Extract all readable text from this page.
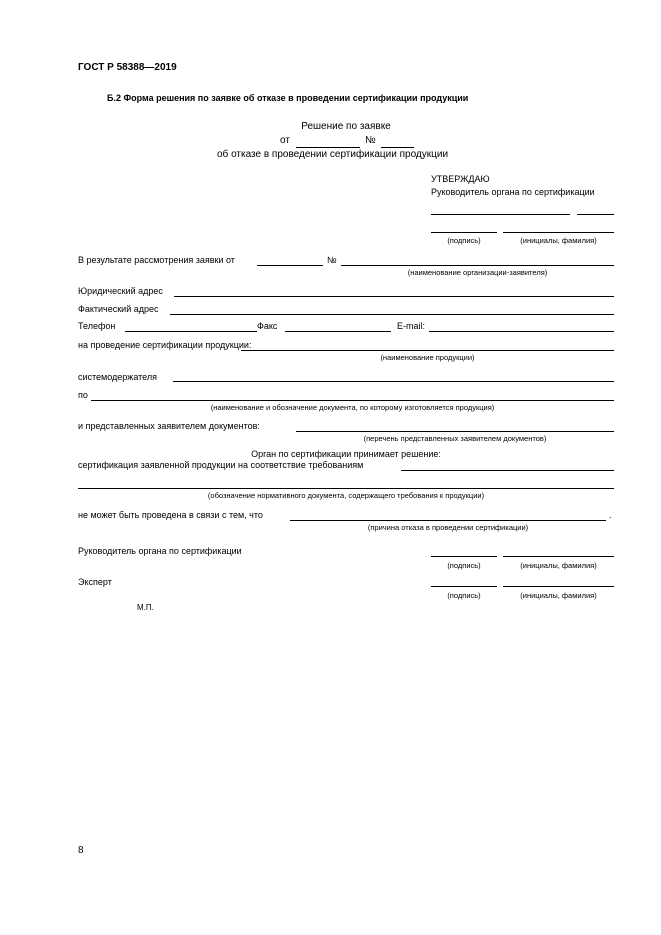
ГОСТ Р 58388—2019
Б.2 Форма решения по заявке об отказе в проведении сертификации продукции
Решение по заявке
от	№
об отказе в проведении сертификации продукции
УТВЕРЖДАЮ
Руководитель органа по сертификации
(подпись)	(инициалы, фамилия)
В результате рассмотрения заявки от	№
(наименование организации-заявителя)
Юридический адрес
Фактический адрес
Телефон	Факс	E-mail:
на проведение сертификации продукции:
(наименование продукции)
системодержателя
по
(наименование и обозначение документа, по которому изготовляется продукция)
и представленных заявителем документов:
(перечень представленных заявителем документов)
Орган по сертификации принимает решение:
сертификация заявленной продукции на соответствие требованиям
(обозначение нормативного документа, содержащего требования к продукции)
не может быть проведена в связи с тем, что	.
(причина отказа в проведении сертификации)
Руководитель органа по сертификации
(подпись)	(инициалы, фамилия)
Эксперт
(подпись)	(инициалы, фамилия)
М.П.
8
